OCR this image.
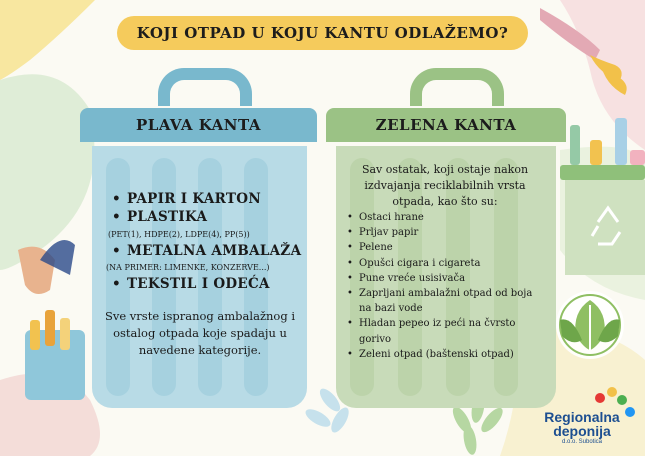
KOJI OTPAD U KOJU KANTU ODLAŽEMO?
PLAVA KANTA
• PAPIR I KARTON
• PLASTIKA
(PET(1), HDPE(2), LDPE(4), PP(5))
• METALNA AMBALAŽA
(NA PRIMER: LIMENKE, KONZERVE...)
• TEKSTIL I ODEĆA
Sve vrste ispranog ambalažnog i ostalog otpada koje spadaju u navedene kategorije.
ZELENA KANTA
Sav ostatak, koji ostaje nakon izdvajanja reciklabilnih vrsta otpada, kao što su:
• Ostaci hrane
• Prljav papir
• Pelene
• Opušci cigara i cigareta
• Pune vreće usisivača
• Zaprljani ambalažni otpad od boja na bazi vode
• Hladan pepeo iz peći na čvrsto gorivo
• Zeleni otpad (baštenski otpad)
Regionalna
deponija
d.o.o. Subotica
